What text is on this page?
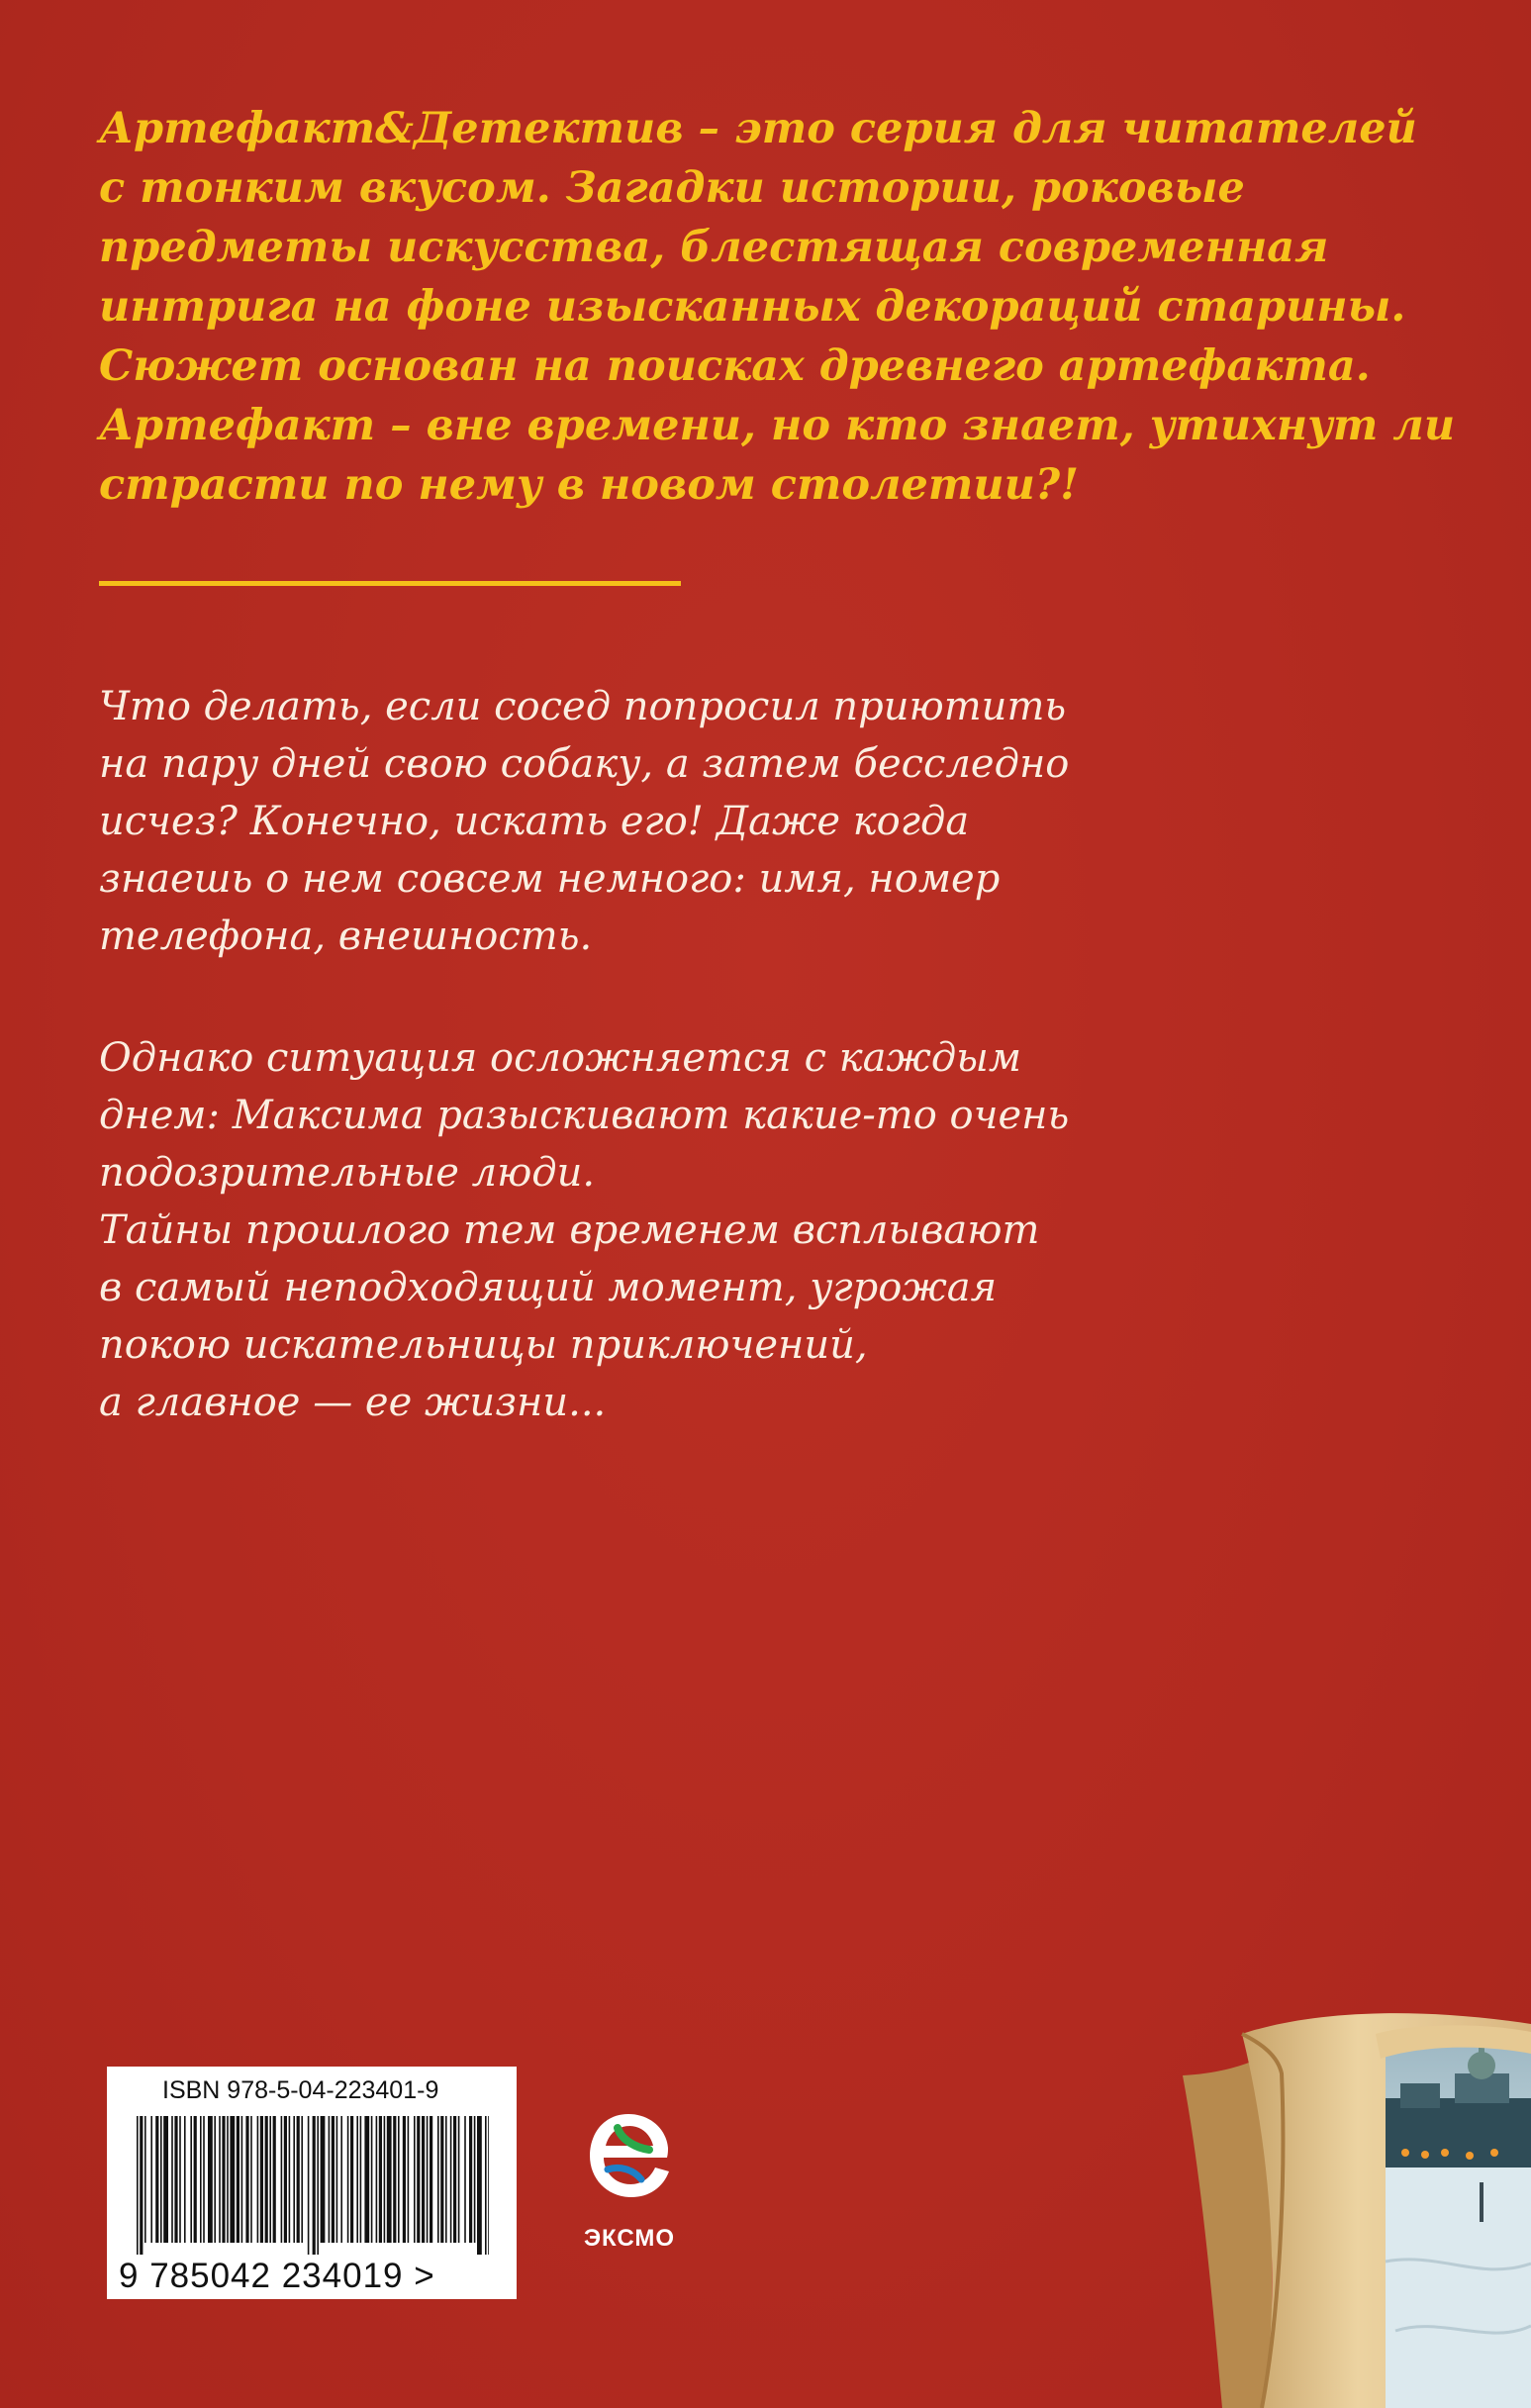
Артефакт&Детектив – это серия для читателей
с тонким вкусом. Загадки истории, роковые
предметы искусства, блестящая современная
интрига на фоне изысканных декораций старины.
Сюжет основан на поисках древнего артефакта.
Артефакт – вне времени, но кто знает, утихнут ли
страсти по нему в новом столетии?!
Что делать, если сосед попросил приютить
на пару дней свою собаку, а затем бесследно
исчез? Конечно, искать его! Даже когда
знаешь о нем совсем немного: имя, номер
телефона, внешность.
Однако ситуация осложняется с каждым
днем: Максима разыскивают какие-то очень
подозрительные люди.
Тайны прошлого тем временем всплывают
в самый неподходящий момент, угрожая
покою искательницы приключений,
а главное — ее жизни...
ISBN 978-5-04-223401-9
9 785042 234019 >
ЭКСМО
